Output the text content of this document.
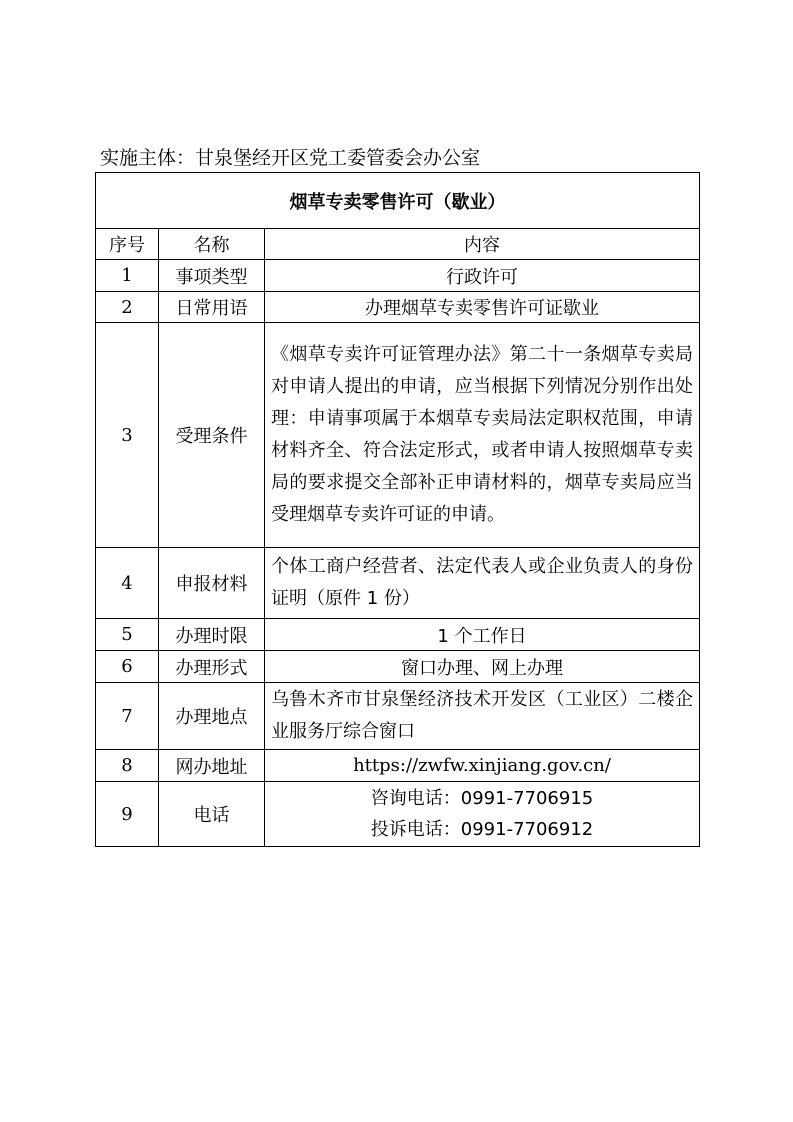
实施主体：甘泉堡经开区党工委管委会办公室
烟草专卖零售许可（歇业）		
序号	名称	内容
1	事项类型	行政许可
2	日常用语	办理烟草专卖零售许可证歇业
3	受理条件	《烟草专卖许可证管理办法》第二十一条烟草专卖局对申请人提出的申请，应当根据下列情况分别作出处理：申请事项属于本烟草专卖局法定职权范围，申请材料齐全、符合法定形式，或者申请人按照烟草专卖局的要求提交全部补正申请材料的，烟草专卖局应当受理烟草专卖许可证的申请。
4	申报材料	个体工商户经营者、法定代表人或企业负责人的身份证明（原件 1 份）
5	办理时限	1 个工作日
6	办理形式	窗口办理、网上办理
7	办理地点	乌鲁木齐市甘泉堡经济技术开发区（工业区）二楼企业服务厅综合窗口
8	网办地址	https://zwfw.xinjiang.gov.cn/
9	电话	咨询电话：0991-7706915
投诉电话：0991-7706912
